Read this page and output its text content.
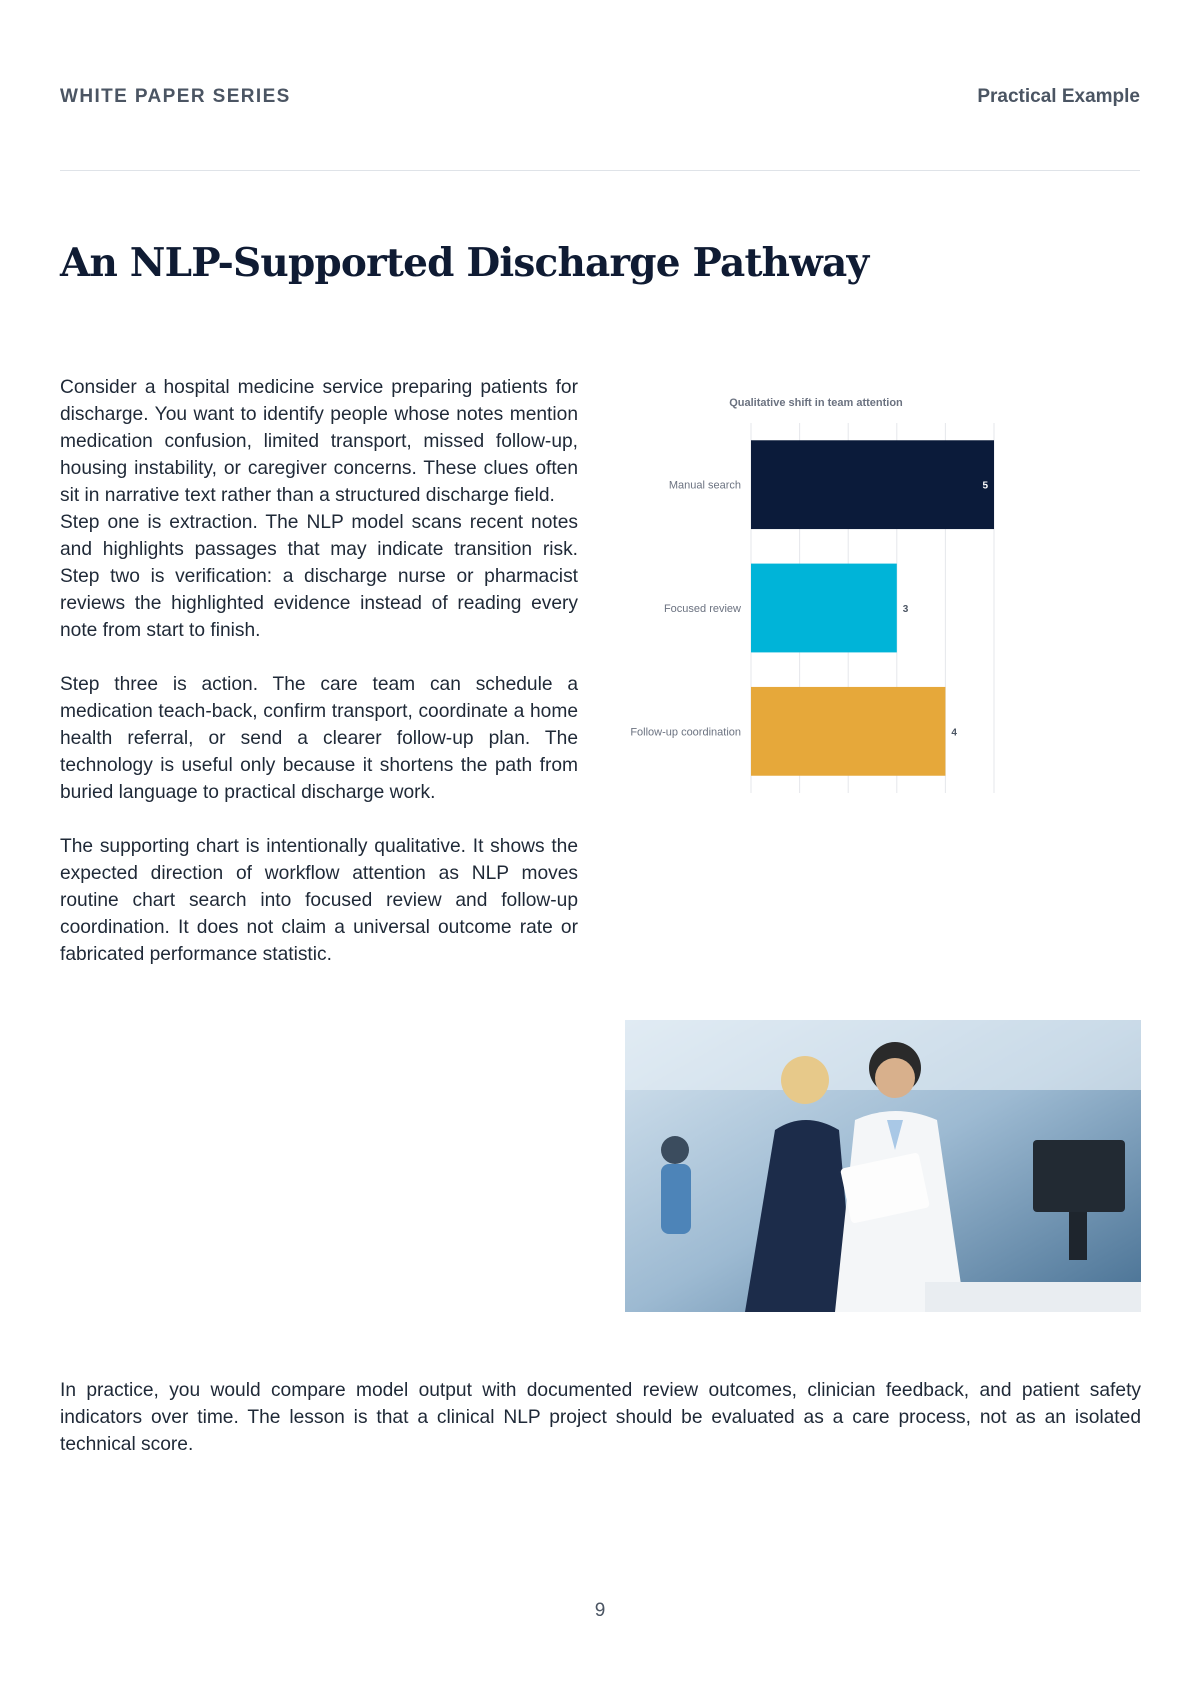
WHITE PAPER SERIES	Practical Example
An NLP-Supported Discharge Pathway

Consider a hospital medicine service preparing patients for discharge. You want to identify people whose notes mention medication confusion, limited transport, missed follow-up, housing instability, or caregiver concerns. These clues often sit in narrative text rather than a structured discharge field.

Step one is extraction. The NLP model scans recent notes and highlights passages that may indicate transition risk. Step two is verification: a discharge nurse or pharmacist reviews the highlighted evidence instead of reading every note from start to finish.

Step three is action. The care team can schedule a medication teach-back, confirm transport, coordinate a home health referral, or send a clearer follow-up plan. The technology is useful only because it shortens the path from buried language to practical discharge work.

The supporting chart is intentionally qualitative. It shows the expected direction of workflow attention as NLP moves routine chart search into focused review and follow-up coordination. It does not claim a universal outcome rate or fabricated performance statistic.

Qualitative shift in team attention
Manual search	5
Focused review	3
Follow-up coordination	4

In practice, you would compare model output with documented review outcomes, clinician feedback, and patient safety indicators over time. The lesson is that a clinical NLP project should be evaluated as a care process, not as an isolated technical score.

9
